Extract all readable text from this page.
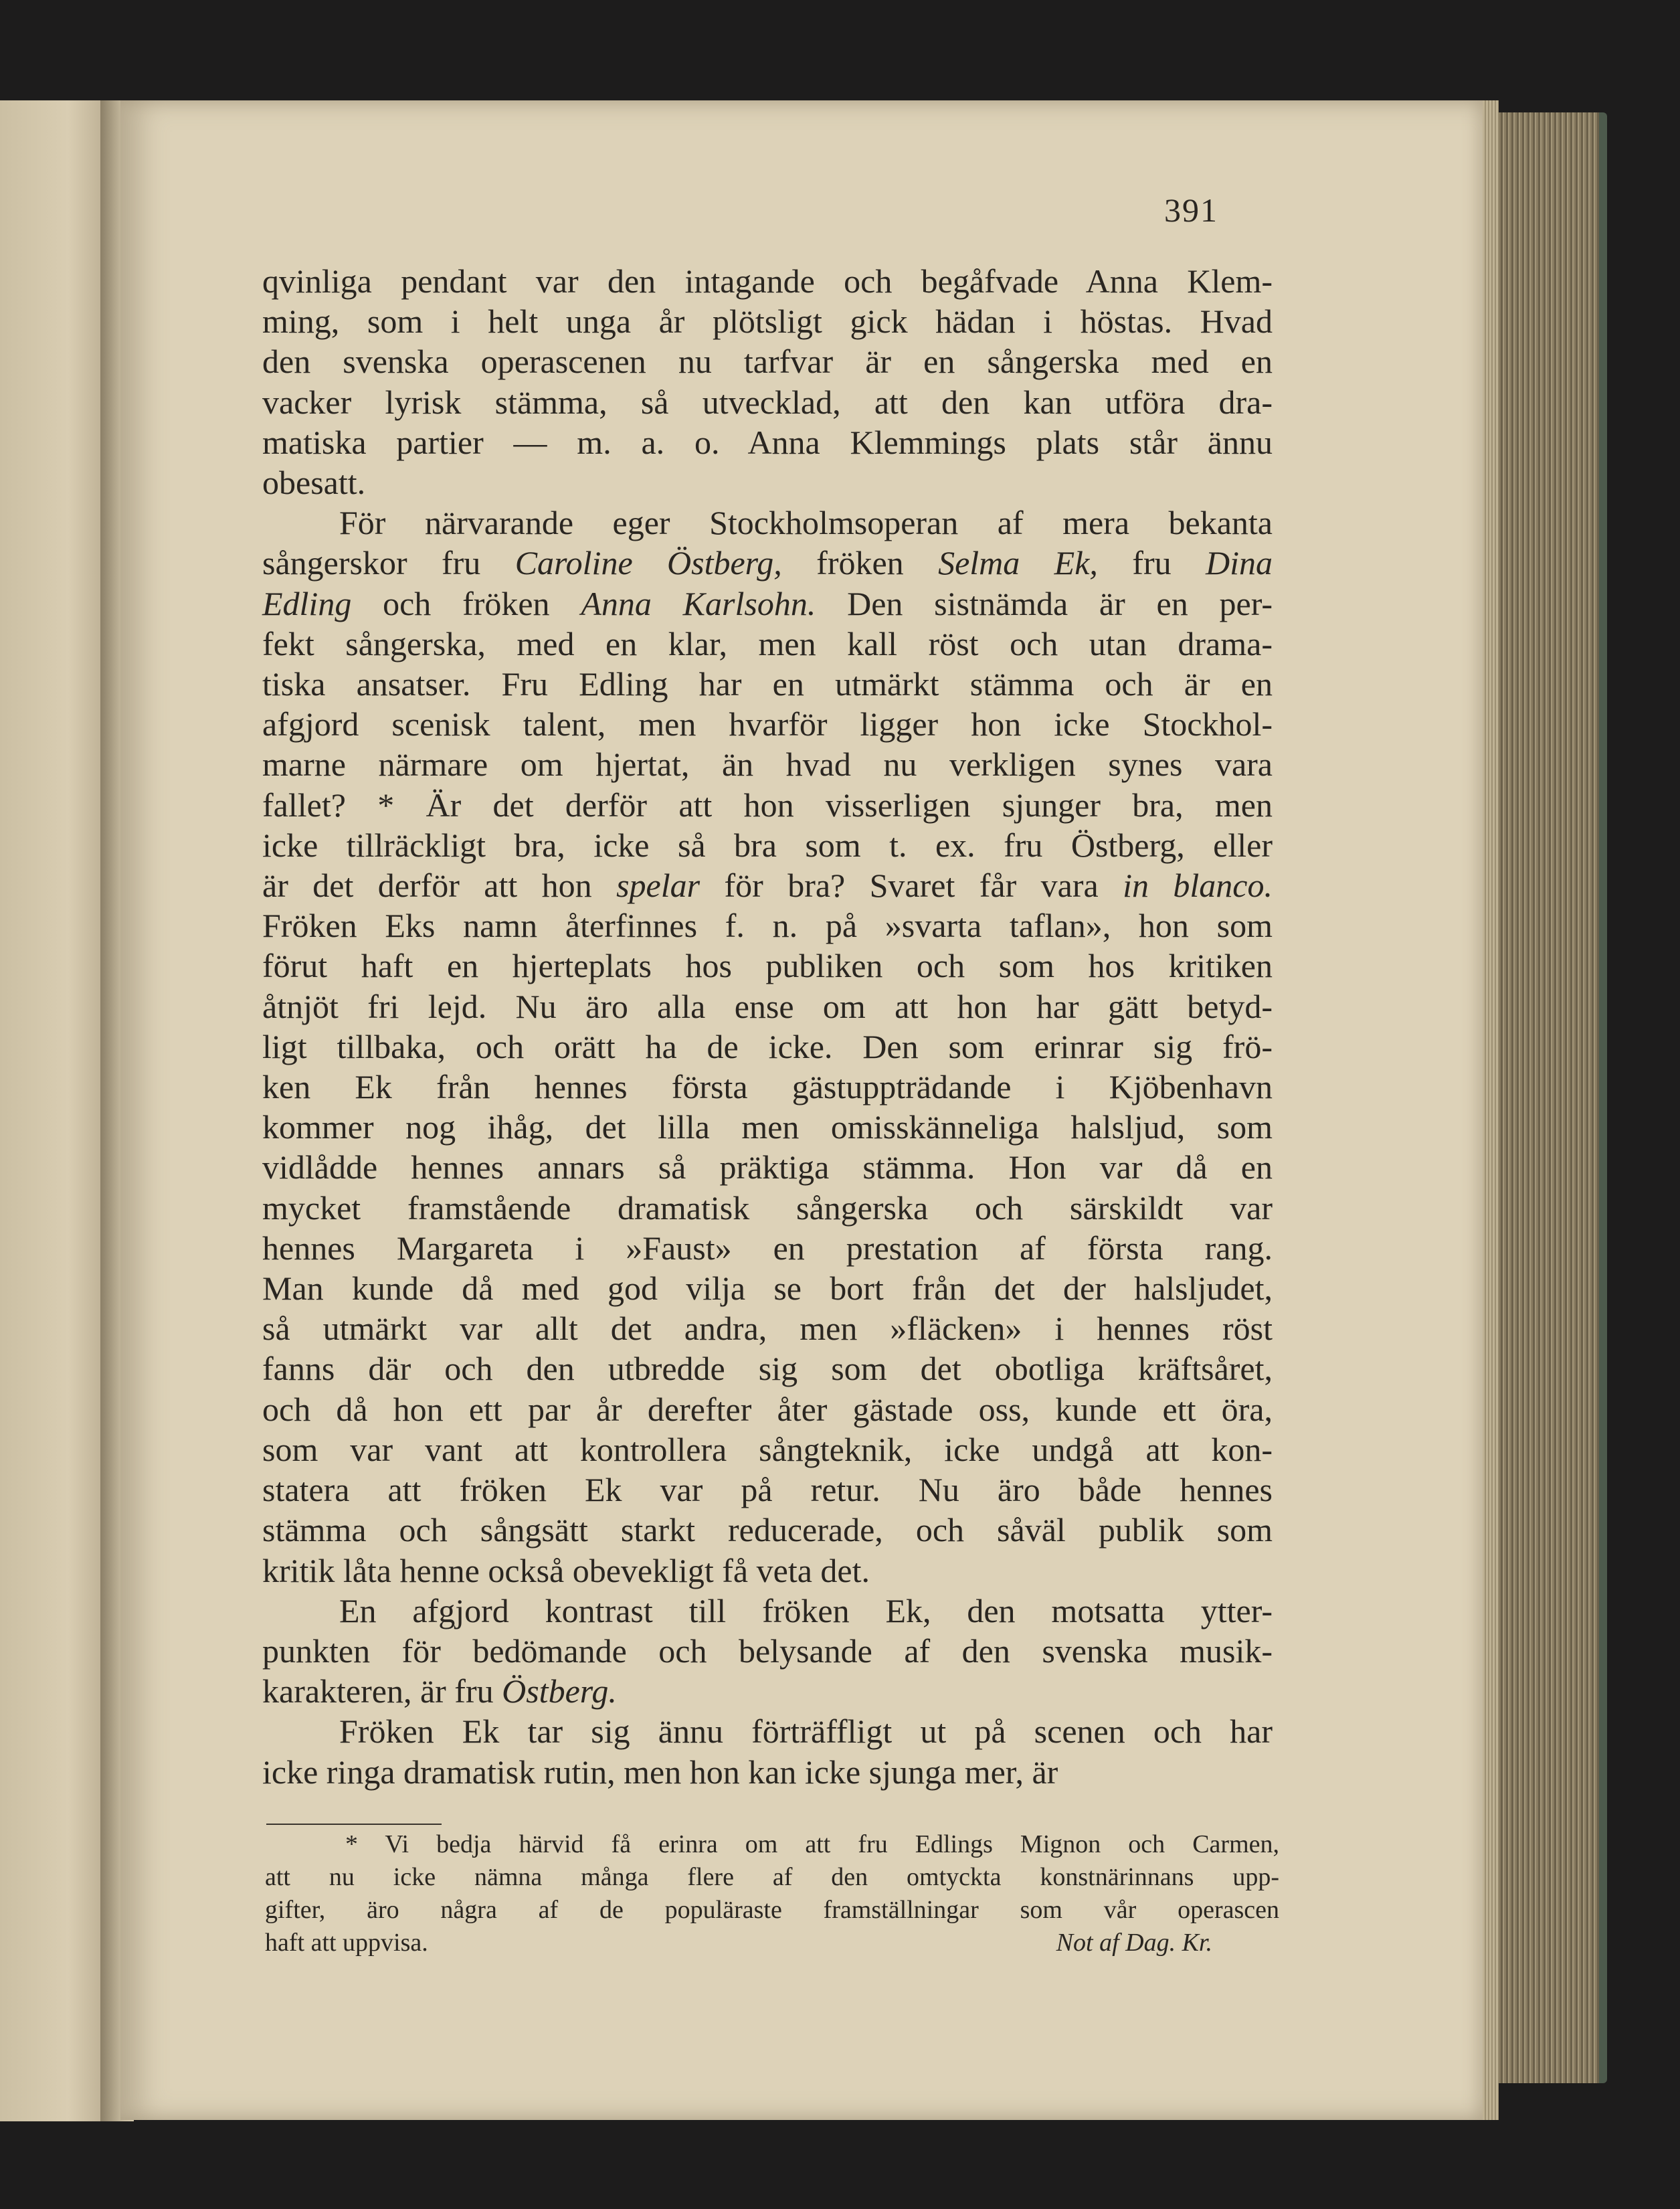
391
qvinliga pendant var den intagande och begåfvade Anna Klem-
ming, som i helt unga år plötsligt gick hädan i höstas. Hvad
den svenska operascenen nu tarfvar är en sångerska med en
vacker lyrisk stämma, så utvecklad, att den kan utföra dra-
matiska partier — m. a. o. Anna Klemmings plats står ännu
obesatt.
För närvarande eger Stockholmsoperan af mera bekanta
sångerskor fru Caroline Östberg, fröken Selma Ek, fru Dina
Edling och fröken Anna Karlsohn. Den sistnämda är en per-
fekt sångerska, med en klar, men kall röst och utan drama-
tiska ansatser. Fru Edling har en utmärkt stämma och är en
afgjord scenisk talent, men hvarför ligger hon icke Stockhol-
marne närmare om hjertat, än hvad nu verkligen synes vara
fallet? * Är det derför att hon visserligen sjunger bra, men
icke tillräckligt bra, icke så bra som t. ex. fru Östberg, eller
är det derför att hon spelar för bra? Svaret får vara in blanco.
Fröken Eks namn återfinnes f. n. på »svarta taflan», hon som
förut haft en hjerteplats hos publiken och som hos kritiken
åtnjöt fri lejd. Nu äro alla ense om att hon har gätt betyd-
ligt tillbaka, och orätt ha de icke. Den som erinrar sig frö-
ken Ek från hennes första gästuppträdande i Kjöbenhavn
kommer nog ihåg, det lilla men omisskänneliga halsljud, som
vidlådde hennes annars så präktiga stämma. Hon var då en
mycket framstående dramatisk sångerska och särskildt var
hennes Margareta i »Faust» en prestation af första rang.
Man kunde då med god vilja se bort från det der halsljudet,
så utmärkt var allt det andra, men »fläcken» i hennes röst
fanns där och den utbredde sig som det obotliga kräftsåret,
och då hon ett par år derefter åter gästade oss, kunde ett öra,
som var vant att kontrollera sångteknik, icke undgå att kon-
statera att fröken Ek var på retur. Nu äro både hennes
stämma och sångsätt starkt reducerade, och såväl publik som
kritik låta henne också obevekligt få veta det.
En afgjord kontrast till fröken Ek, den motsatta ytter-
punkten för bedömande och belysande af den svenska musik-
karakteren, är fru Östberg.
Fröken Ek tar sig ännu förträffligt ut på scenen och har
icke ringa dramatisk rutin, men hon kan icke sjunga mer, är
* Vi bedja härvid få erinra om att fru Edlings Mignon och Carmen,
att nu icke nämna många flere af den omtyckta konstnärinnans upp-
gifter, äro några af de populäraste framställningar som vår operascen
haft att uppvisa.	Not af Dag. Kr.
